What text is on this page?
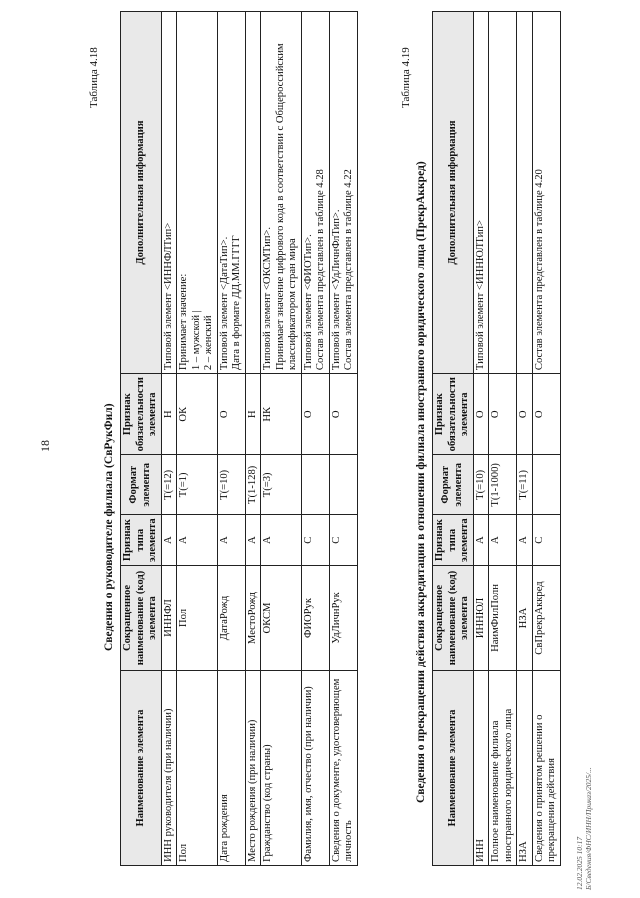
18
Таблица 4.18
Сведения о руководителе филиала (СвРукФил)
Наименование элемента	Сокращенное наименование (код) элемента	Признак типа элемента	Формат элемента	Признак обязательности элемента	Дополнительная информация
ИНН руководителя (при наличии)	ИННФЛ	А	Т(=12)	Н	Типовой элемент <ИННФЛТип>
Пол	Пол	А	Т(=1)	ОК	Принимает значение:
1 – мужской |
2 – женский
Дата рождения	ДатаРожд	А	Т(=10)	О	Типовой элемент <ДатаТип>.
Дата в формате ДД.ММ.ГГГГ
Место рождения (при наличии)	МестоРожд	А	Т(1-128)	Н	
Гражданство (код страны)	ОКСМ	А	Т(=3)	НК	Типовой элемент <ОКСМТип>.
Принимает значение цифрового кода в соответствии с Общероссийским классификатором стран мира
Фамилия, имя, отчество (при наличии)	ФИОРук	С		О	Типовой элемент <ФИОТип>.
Состав элемента представлен в таблице 4.28
Сведения о документе, удостоверяющем личность	УдЛичнРук	С		О	Типовой элемент <УдЛичнФлТип>.
Состав элемента представлен в таблице 4.22
Таблица 4.19
Сведения о прекращении действия аккредитации в отношении филиала иностранного юридического лица (ПрекрАккред) Наименование элемента	Сокращенное наименование (код) элемента	Признак типа элемента	Формат элемента	Признак обязательности элемента	Дополнительная информация
ИНН	ИННЮЛ	А	Т(=10)	О	Типовой элемент <ИННЮЛТип>
Полное наименование филиала иностранного юридического лица	НаимФилПолн	А	Т(1-1000)	О	
НЗА	НЗА	А	Т(=11)	О	
Сведения о принятом решении о прекращении действия	СвПрекрАккред	С		О	Состав элемента представлен в таблице 4.20
12.02.2025 10:17
Б/Сведения/ФНС/ИНН/Приказ/2025/...
